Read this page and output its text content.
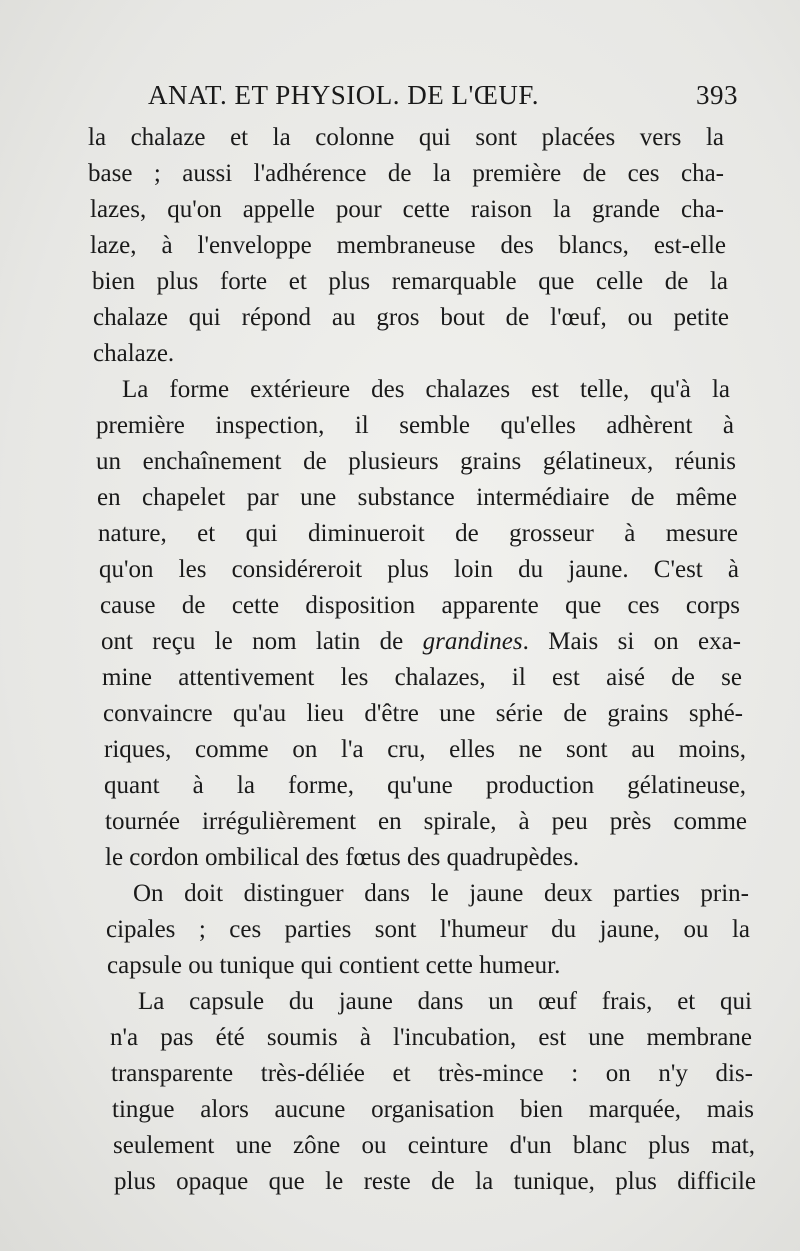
ANAT. ET PHYSIOL. DE L'ŒUF.	393
la chalaze et la colonne qui sont placées vers la
base ; aussi l'adhérence de la première de ces cha-
lazes, qu'on appelle pour cette raison la grande cha-
laze, à l'enveloppe membraneuse des blancs, est-elle
bien plus forte et plus remarquable que celle de la
chalaze qui répond au gros bout de l'œuf, ou petite
chalaze.
La forme extérieure des chalazes est telle, qu'à la
première inspection, il semble qu'elles adhèrent à
un enchaînement de plusieurs grains gélatineux, réunis
en chapelet par une substance intermédiaire de même
nature, et qui diminueroit de grosseur à mesure
qu'on les considéreroit plus loin du jaune. C'est à
cause de cette disposition apparente que ces corps
ont reçu le nom latin de grandines. Mais si on exa-
mine attentivement les chalazes, il est aisé de se
convaincre qu'au lieu d'être une série de grains sphé-
riques, comme on l'a cru, elles ne sont au moins,
quant à la forme, qu'une production gélatineuse,
tournée irrégulièrement en spirale, à peu près comme
le cordon ombilical des fœtus des quadrupèdes.
On doit distinguer dans le jaune deux parties prin-
cipales ; ces parties sont l'humeur du jaune, ou la
capsule ou tunique qui contient cette humeur.
La capsule du jaune dans un œuf frais, et qui
n'a pas été soumis à l'incubation, est une membrane
transparente très-déliée et très-mince : on n'y dis-
tingue alors aucune organisation bien marquée, mais
seulement une zône ou ceinture d'un blanc plus mat,
plus opaque que le reste de la tunique, plus difficile
